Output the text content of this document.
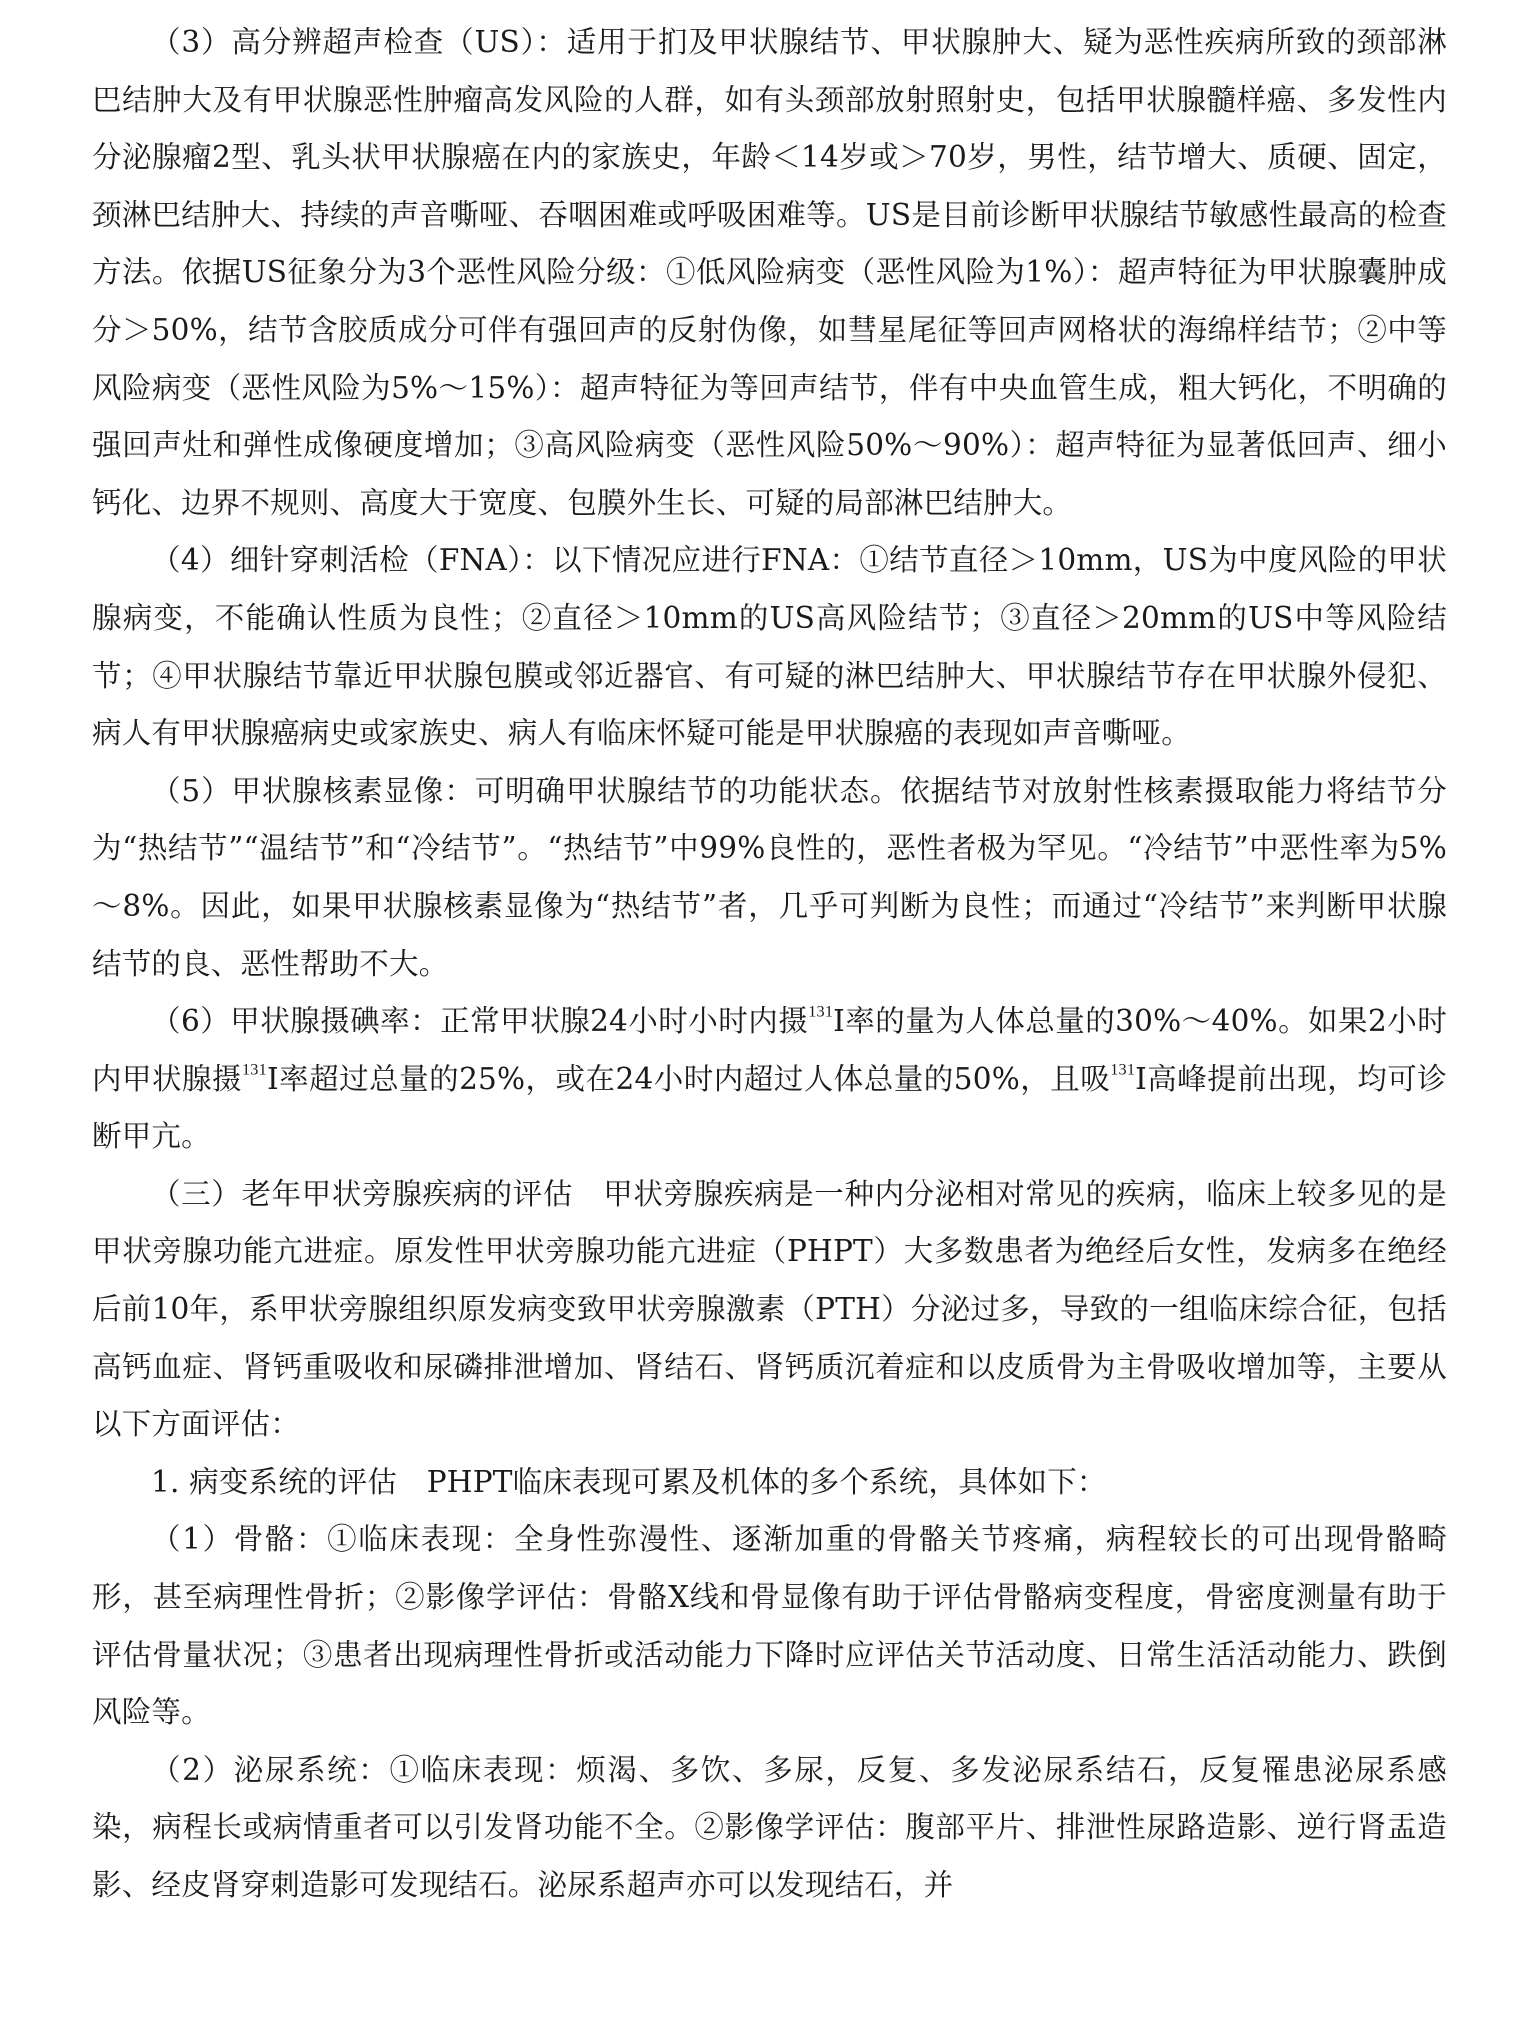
（3）高分辨超声检查（US）：适用于扪及甲状腺结节、甲状腺肿大、疑为恶性疾病所致的颈部淋巴结肿大及有甲状腺恶性肿瘤高发风险的人群，如有头颈部放射照射史，包括甲状腺髓样癌、多发性内分泌腺瘤2型、乳头状甲状腺癌在内的家族史，年龄＜14岁或＞70岁，男性，结节增大、质硬、固定，颈淋巴结肿大、持续的声音嘶哑、吞咽困难或呼吸困难等。US是目前诊断甲状腺结节敏感性最高的检查方法。依据US征象分为3个恶性风险分级：①低风险病变（恶性风险为1%）：超声特征为甲状腺囊肿成分＞50%，结节含胶质成分可伴有强回声的反射伪像，如彗星尾征等回声网格状的海绵样结节；②中等风险病变（恶性风险为5%～15%）：超声特征为等回声结节，伴有中央血管生成，粗大钙化，不明确的强回声灶和弹性成像硬度增加；③高风险病变（恶性风险50%～90%）：超声特征为显著低回声、细小钙化、边界不规则、高度大于宽度、包膜外生长、可疑的局部淋巴结肿大。

（4）细针穿刺活检（FNA）：以下情况应进行FNA：①结节直径＞10mm，US为中度风险的甲状腺病变，不能确认性质为良性；②直径＞10mm的US高风险结节；③直径＞20mm的US中等风险结节；④甲状腺结节靠近甲状腺包膜或邻近器官、有可疑的淋巴结肿大、甲状腺结节存在甲状腺外侵犯、病人有甲状腺癌病史或家族史、病人有临床怀疑可能是甲状腺癌的表现如声音嘶哑。

（5）甲状腺核素显像：可明确甲状腺结节的功能状态。依据结节对放射性核素摄取能力将结节分为“热结节”“温结节”和“冷结节”。“热结节”中99%良性的，恶性者极为罕见。“冷结节”中恶性率为5%～8%。因此，如果甲状腺核素显像为“热结节”者，几乎可判断为良性；而通过“冷结节”来判断甲状腺结节的良、恶性帮助不大。

（6）甲状腺摄碘率：正常甲状腺24小时小时内摄$^{131}$I率的量为人体总量的30%～40%。如果2小时内甲状腺摄$^{131}$I率超过总量的25%，或在24小时内超过人体总量的50%，且吸$^{131}$I高峰提前出现，均可诊断甲亢。

（三）老年甲状旁腺疾病的评估　甲状旁腺疾病是一种内分泌相对常见的疾病，临床上较多见的是甲状旁腺功能亢进症。原发性甲状旁腺功能亢进症（PHPT）大多数患者为绝经后女性，发病多在绝经后前10年，系甲状旁腺组织原发病变致甲状旁腺激素（PTH）分泌过多，导致的一组临床综合征，包括高钙血症、肾钙重吸收和尿磷排泄增加、肾结石、肾钙质沉着症和以皮质骨为主骨吸收增加等，主要从以下方面评估：

1. 病变系统的评估　PHPT临床表现可累及机体的多个系统，具体如下：

（1）骨骼：①临床表现：全身性弥漫性、逐渐加重的骨骼关节疼痛，病程较长的可出现骨骼畸形，甚至病理性骨折；②影像学评估：骨骼X线和骨显像有助于评估骨骼病变程度，骨密度测量有助于评估骨量状况；③患者出现病理性骨折或活动能力下降时应评估关节活动度、日常生活活动能力、跌倒风险等。

（2）泌尿系统：①临床表现：烦渴、多饮、多尿，反复、多发泌尿系结石，反复罹患泌尿系感染，病程长或病情重者可以引发肾功能不全。②影像学评估：腹部平片、排泄性尿路造影、逆行肾盂造影、经皮肾穿刺造影可发现结石。泌尿系超声亦可以发现结石，并
